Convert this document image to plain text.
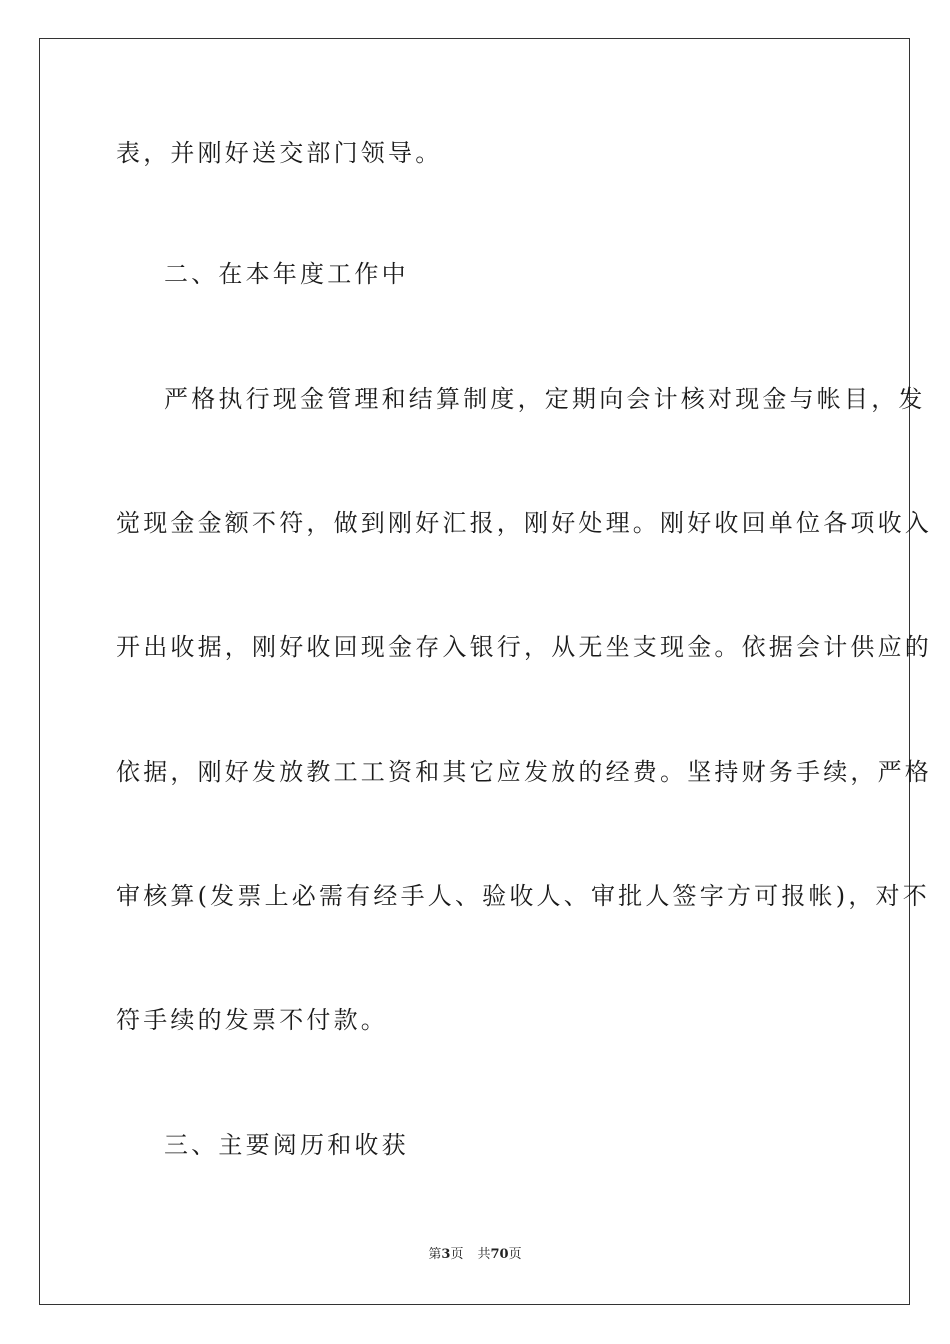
表，并刚好送交部门领导。
二、在本年度工作中
严格执行现金管理和结算制度，定期向会计核对现金与帐目，发
觉现金金额不符，做到刚好汇报，刚好处理。刚好收回单位各项收入
开出收据，刚好收回现金存入银行，从无坐支现金。依据会计供应的
依据，刚好发放教工工资和其它应发放的经费。坚持财务手续，严格
审核算(发票上必需有经手人、验收人、审批人签字方可报帐)，对不
符手续的发票不付款。
三、主要阅历和收获
第3页 共70页
